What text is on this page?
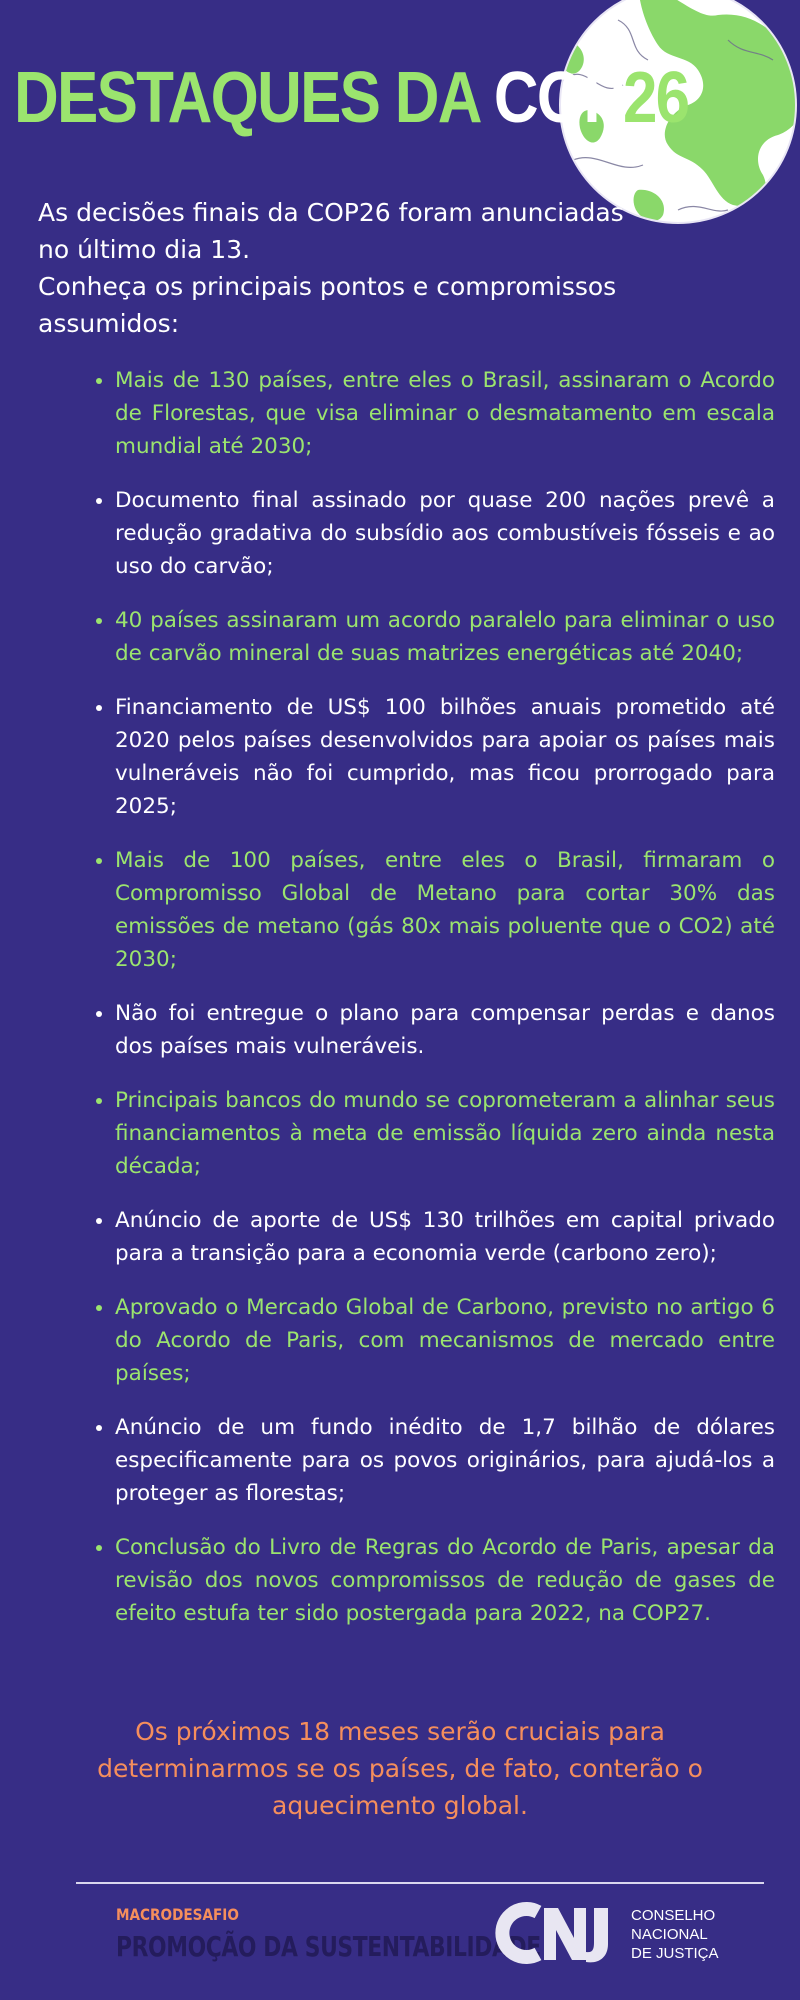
DESTAQUES DA COP26

As decisões finais da COP26 foram anunciadas

no último dia 13.

Conheça os principais pontos e compromissos assumidos:

• Mais de 130 países, entre eles o Brasil, assinaram o Acordo de Florestas, que visa eliminar o desmatamento em escala mundial até 2030;
• Documento final assinado por quase 200 nações prevê a redução gradativa do subsídio aos combustíveis fósseis e ao uso do carvão;
• 40 países assinaram um acordo paralelo para eliminar o uso de carvão mineral de suas matrizes energéticas até 2040;
• Financiamento de US$ 100 bilhões anuais prometido até 2020 pelos países desenvolvidos para apoiar os países mais vulneráveis não foi cumprido, mas ficou prorrogado para 2025;
• Mais de 100 países, entre eles o Brasil, firmaram o Compromisso Global de Metano para cortar 30% das emissões de metano (gás 80x mais poluente que o CO2) até 2030;
• Não foi entregue o plano para compensar perdas e danos dos países mais vulneráveis.
• Principais bancos do mundo se coprometeram a alinhar seus financiamentos à meta de emissão líquida zero ainda nesta década;
• Anúncio de aporte de US$ 130 trilhões em capital privado para a transição para a economia verde (carbono zero);
• Aprovado o Mercado Global de Carbono, previsto no artigo 6 do Acordo de Paris, com mecanismos de mercado entre países;
• Anúncio de um fundo inédito de 1,7 bilhão de dólares especificamente para os povos originários, para ajudá-los a proteger as florestas;
• Conclusão do Livro de Regras do Acordo de Paris, apesar da revisão dos novos compromissos de redução de gases de efeito estufa ter sido postergada para 2022, na COP27.
Os próximos 18 meses serão cruciais para determinarmos se os países, de fato, conterão o aquecimento global.
MACRODESAFIO
PROMOÇÃO DA SUSTENTABILIDADE
CONSELHO
NACIONAL
DE JUSTIÇA
